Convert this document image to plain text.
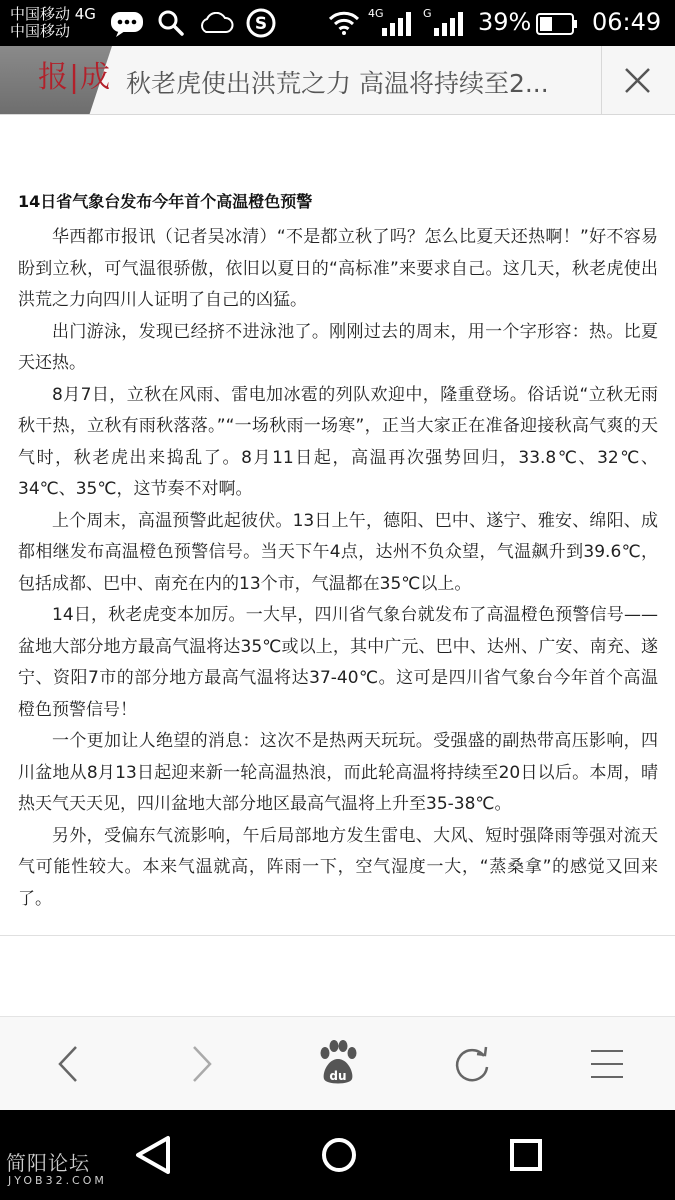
中国移动 4G
中国移动	S
4G	G 39%	06:49
报|成 秋老虎使出洪荒之力 高温将持续至2...
14日省气象台发布今年首个高温橙色预警

华西都市报讯（记者吴冰清）“不是都立秋了吗？怎么比夏天还热啊！”好不容易盼到立秋，可气温很骄傲，依旧以夏日的“高标准”来要求自己。这几天，秋老虎使出洪荒之力向四川人证明了自己的凶猛。

出门游泳，发现已经挤不进泳池了。刚刚过去的周末，用一个字形容：热。比夏天还热。

8月7日，立秋在风雨、雷电加冰雹的列队欢迎中，隆重登场。俗话说“立秋无雨秋干热，立秋有雨秋落落。”“一场秋雨一场寒”，正当大家正在准备迎接秋高气爽的天气时，秋老虎出来捣乱了。8月11日起，高温再次强势回归，33.8℃、32℃、34℃、35℃，这节奏不对啊。

上个周末，高温预警此起彼伏。13日上午，德阳、巴中、遂宁、雅安、绵阳、成都相继发布高温橙色预警信号。当天下午4点，达州不负众望，气温飙升到39.6℃，包括成都、巴中、南充在内的13个市，气温都在35℃以上。

14日，秋老虎变本加厉。一大早，四川省气象台就发布了高温橙色预警信号——盆地大部分地方最高气温将达35℃或以上，其中广元、巴中、达州、广安、南充、遂宁、资阳7市的部分地方最高气温将达37-40℃。这可是四川省气象台今年首个高温橙色预警信号！

一个更加让人绝望的消息：这次不是热两天玩玩。受强盛的副热带高压影响，四川盆地从8月13日起迎来新一轮高温热浪，而此轮高温将持续至20日以后。本周，晴热天气天天见，四川盆地大部分地区最高气温将上升至35-38℃。

另外，受偏东气流影响，午后局部地方发生雷电、大风、短时强降雨等强对流天气可能性较大。本来气温就高，阵雨一下，空气湿度一大，“蒸桑拿”的感觉又回来了。

du
简阳论坛
JYOB32.COM
